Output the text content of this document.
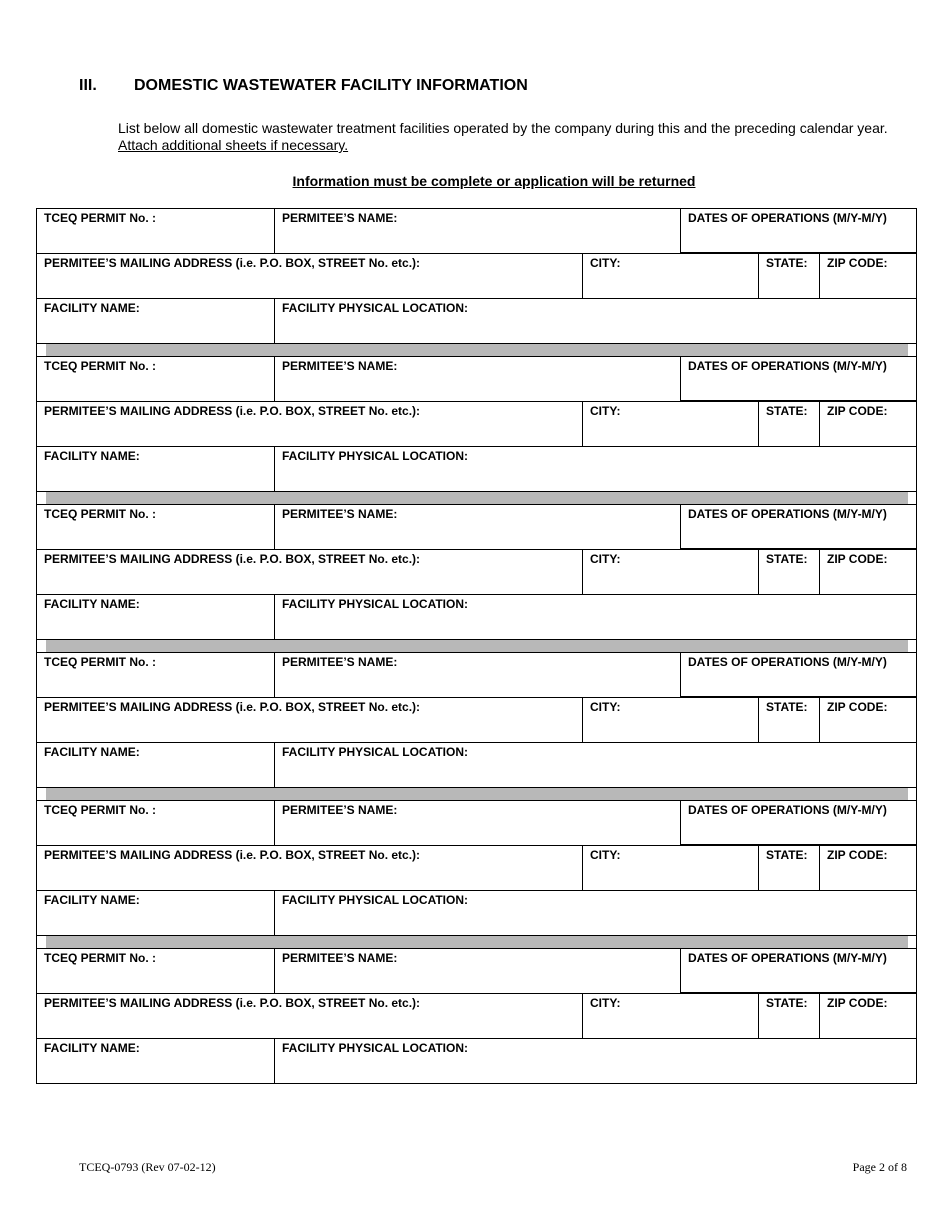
III. DOMESTIC WASTEWATER FACILITY INFORMATION

List below all domestic wastewater treatment facilities operated by the company during this and the preceding calendar year.  Attach additional sheets if necessary.

Information must be complete or application will be returned

TCEQ PERMIT No. :	PERMITEE’S NAME:	DATES OF OPERATIONS (M/Y-M/Y)
PERMITEE’S MAILING ADDRESS (i.e. P.O. BOX, STREET No. etc.):	CITY:	STATE:	ZIP CODE:
FACILITY NAME:	FACILITY PHYSICAL LOCATION:
TCEQ PERMIT No. :	PERMITEE’S NAME:	DATES OF OPERATIONS (M/Y-M/Y)
PERMITEE’S MAILING ADDRESS (i.e. P.O. BOX, STREET No. etc.):	CITY:	STATE:	ZIP CODE:
FACILITY NAME:	FACILITY PHYSICAL LOCATION:
TCEQ PERMIT No. :	PERMITEE’S NAME:	DATES OF OPERATIONS (M/Y-M/Y)
PERMITEE’S MAILING ADDRESS (i.e. P.O. BOX, STREET No. etc.):	CITY:	STATE:	ZIP CODE:
FACILITY NAME:	FACILITY PHYSICAL LOCATION:
TCEQ PERMIT No. :	PERMITEE’S NAME:	DATES OF OPERATIONS (M/Y-M/Y)
PERMITEE’S MAILING ADDRESS (i.e. P.O. BOX, STREET No. etc.):	CITY:	STATE:	ZIP CODE:
FACILITY NAME:	FACILITY PHYSICAL LOCATION:
TCEQ PERMIT No. :	PERMITEE’S NAME:	DATES OF OPERATIONS (M/Y-M/Y)
PERMITEE’S MAILING ADDRESS (i.e. P.O. BOX, STREET No. etc.):	CITY:	STATE:	ZIP CODE:
FACILITY NAME:	FACILITY PHYSICAL LOCATION:
TCEQ PERMIT No. :	PERMITEE’S NAME:	DATES OF OPERATIONS (M/Y-M/Y)
PERMITEE’S MAILING ADDRESS (i.e. P.O. BOX, STREET No. etc.):	CITY:	STATE:	ZIP CODE:
FACILITY NAME:	FACILITY PHYSICAL LOCATION:
TCEQ-0793 (Rev 07-02-12)	Page 2 of 8
